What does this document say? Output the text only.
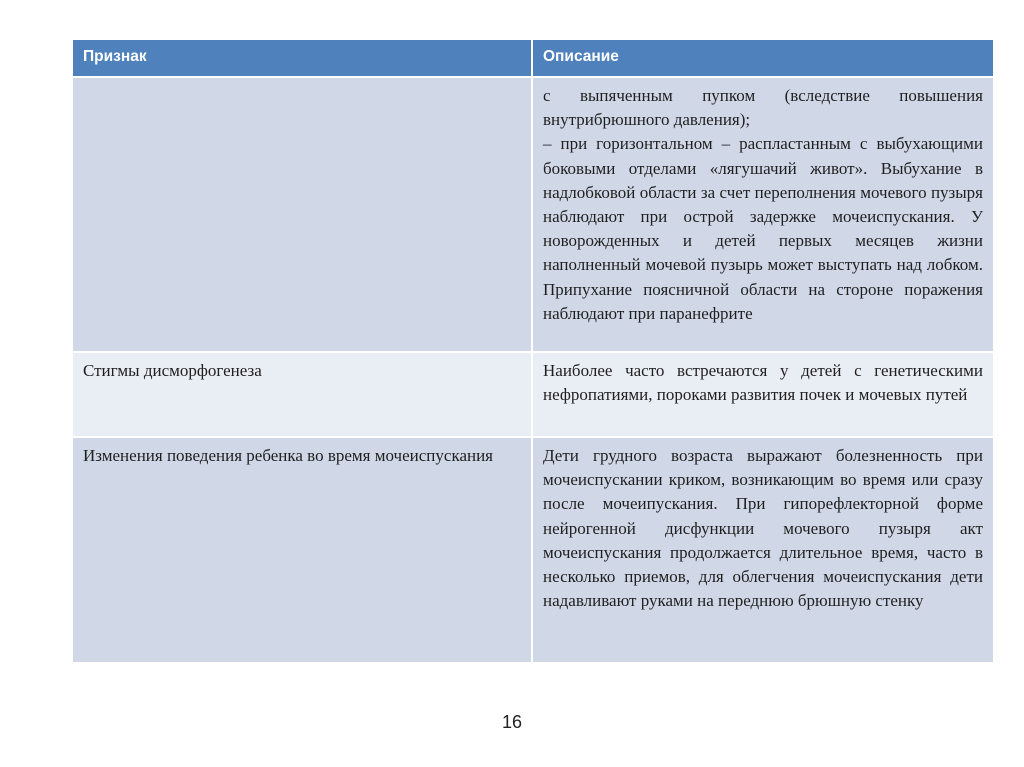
Признак	Описание

	с выпяченным пупком (вследствие повышения внутрибрюшного давления);
– при горизонтальном – распластанным с выбухающими боковыми отделами «лягушачий живот». Выбухание в надлобковой области за счет переполнения мочевого пузыря наблюдают при острой задержке мочеиспускания. У новорожденных и детей первых месяцев жизни наполненный мочевой пузырь может выступать над лобком. Припухание поясничной области на стороне поражения наблюдают при паранефрите

Стигмы дисморфогенеза	Наиболее часто встречаются у детей с генетическими нефропатиями, пороками развития почек и мочевых путей

Изменения поведения ребенка во время мочеиспускания	Дети грудного возраста выражают болезненность при мочеиспускании криком, возникающим во время или сразу после мочеипускания. При гипорефлекторной форме нейрогенной дисфункции мочевого пузыря акт мочеиспускания продолжается длительное время, часто в несколько приемов, для облегчения мочеиспускания дети надавливают руками на переднюю брюшную стенку
16
